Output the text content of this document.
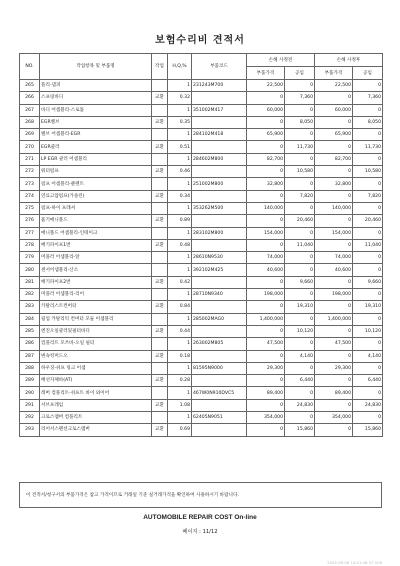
보험수리비 견적서
NO.	작업항목 및 부품명	작업	H,Q,%	부품코드	손해 사정전		손해 사정후	
					부품가격	공임	부품가격	공임
265	플리-댐퍼		1	231243M700	22,500	0	22,500	0
266	스프링바디	교환	0.32		0	7,360	0	7,360
267	바디 어셈블리-스로틀		1	351002M417	60,000	0	60,000	0
268	EGR밸브	교환	0.35		0	8,050	0	8,050
269	밸브 어셈블리-EGR		1	284102M418	65,900	0	65,900	0
270	EGR쿨러	교환	0.51		0	11,730	0	11,730
271	LP EGR 쿨러 어셈블리		1	284602M800	82,700	0	82,700	0
272	워터펌프	교환	0.46		0	10,580	0	10,580
273	펌프 어셈블리-클랜트		1	251002M800	32,800	0	32,800	0
274	연료고압펌프(가솔린)	교환	0.34		0	7,820	0	7,820
275	펌프-하이 프레셔		1	353262M500	140,000	0	140,000	0
276	흡기매니폴드	교환	0.89		0	20,460	0	20,460
277	매니폴드 어셈블리-인테이크		1	283102M800	154,000	0	154,000	0
278	배기파이프1번	교환	0.48		0	11,040	0	11,040
279	머플러 어셈블리-앞		1	28610N9530	74,000	0	74,000	0
280	센서어셈블리-산소		1	392102M425	40,600	0	40,600	0
281	배기파이프2번	교환	0.42		0	9,660	0	9,660
282	머플러 어셈블리-리어		1	28710N9340	198,000	0	198,000	0
283	카탈리스트컨버터	교환	0.84		0	19,310	0	19,310
284	웜업 카탈리틱 컨버터 모듈 어셈블리		1	285002MAG0	1,400,000	0	1,400,000	0
285	엔진오일쿨러및필터바디	교환	0.44		0	10,120	0	10,120
286	컴플리트 모쓰바-오일 필터		1	263002M805	47,500	0	47,500	0
287	변속킹머드오	교환	0.18		0	4,140	0	4,140
288	하우징-쉬프 링크 어셈		1	81595N9000	29,300	0	29,300	0
289	배선자체바(AT)	교환	0.28		0	6,440	0	6,440
290	레버 컴플리트-쉬프트 바이 와이어		1	467W0N910DVC5	89,400	0	89,400	0
291	서브프레임	교환	1.08		0	24,830	0	24,830
292	크로스멤버 컴플리트		1	62405N9051	354,000	0	354,000	0
293	리어서스펜션크로스멤버	교환	0.69		0	15,860	0	15,860
이 견적서/청구서의 부품가격은 참고 가격이므로 거래일 기준 실거래가격을 확인하여 사용하시기 바랍니다.
AUTOMOBILE REPAIR COST On-line
페이지 : 11/12
2024-09-06 14:21:48 57.106
